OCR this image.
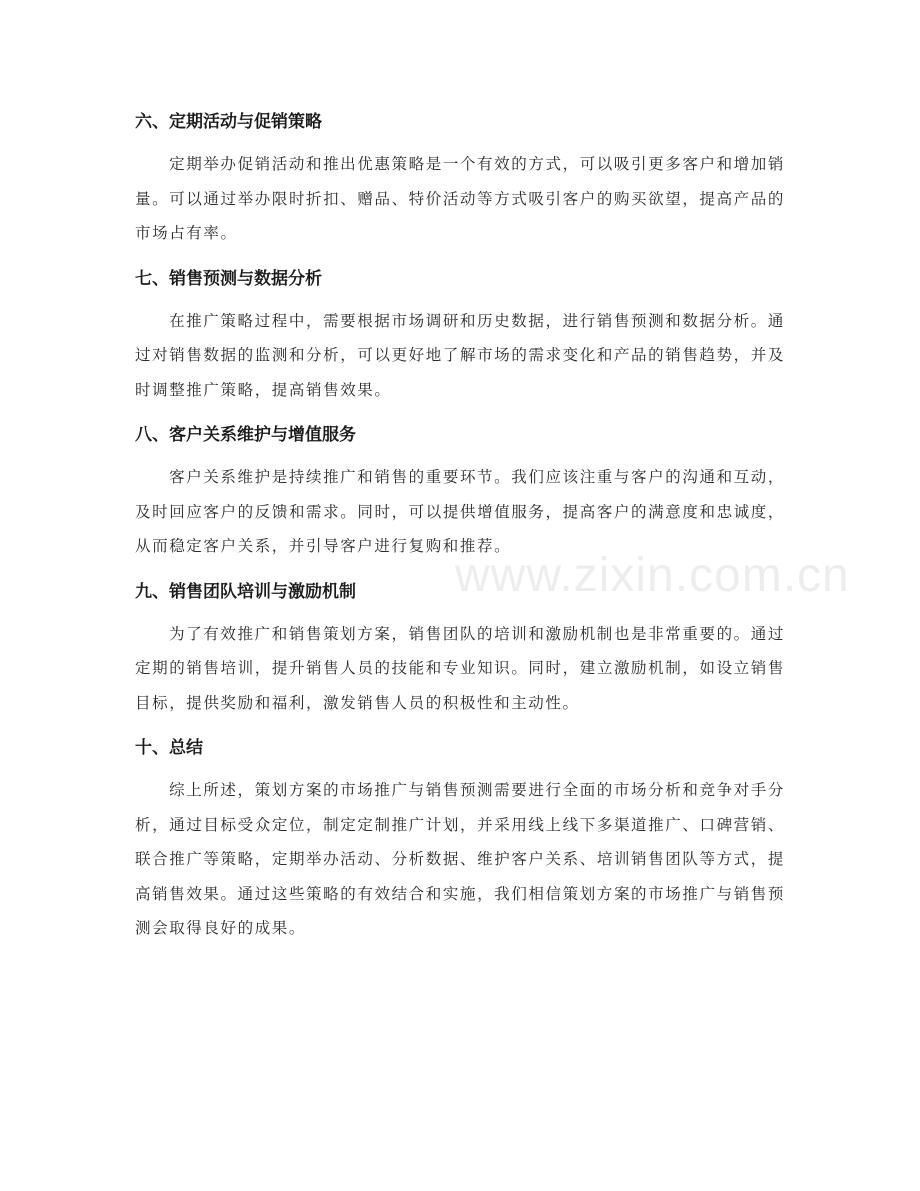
六、定期活动与促销策略

定期举办促销活动和推出优惠策略是一个有效的方式，可以吸引更多客户和增加销量。可以通过举办限时折扣、赠品、特价活动等方式吸引客户的购买欲望，提高产品的市场占有率。

七、销售预测与数据分析

在推广策略过程中，需要根据市场调研和历史数据，进行销售预测和数据分析。通过对销售数据的监测和分析，可以更好地了解市场的需求变化和产品的销售趋势，并及时调整推广策略，提高销售效果。

八、客户关系维护与增值服务

客户关系维护是持续推广和销售的重要环节。我们应该注重与客户的沟通和互动，及时回应客户的反馈和需求。同时，可以提供增值服务，提高客户的满意度和忠诚度，从而稳定客户关系，并引导客户进行复购和推荐。

九、销售团队培训与激励机制

为了有效推广和销售策划方案，销售团队的培训和激励机制也是非常重要的。通过定期的销售培训，提升销售人员的技能和专业知识。同时，建立激励机制，如设立销售目标，提供奖励和福利，激发销售人员的积极性和主动性。

十、总结

综上所述，策划方案的市场推广与销售预测需要进行全面的市场分析和竞争对手分析，通过目标受众定位，制定定制推广计划，并采用线上线下多渠道推广、口碑营销、联合推广等策略，定期举办活动、分析数据、维护客户关系、培训销售团队等方式，提高销售效果。通过这些策略的有效结合和实施，我们相信策划方案的市场推广与销售预测会取得良好的成果。

www.zixin.com.cn
